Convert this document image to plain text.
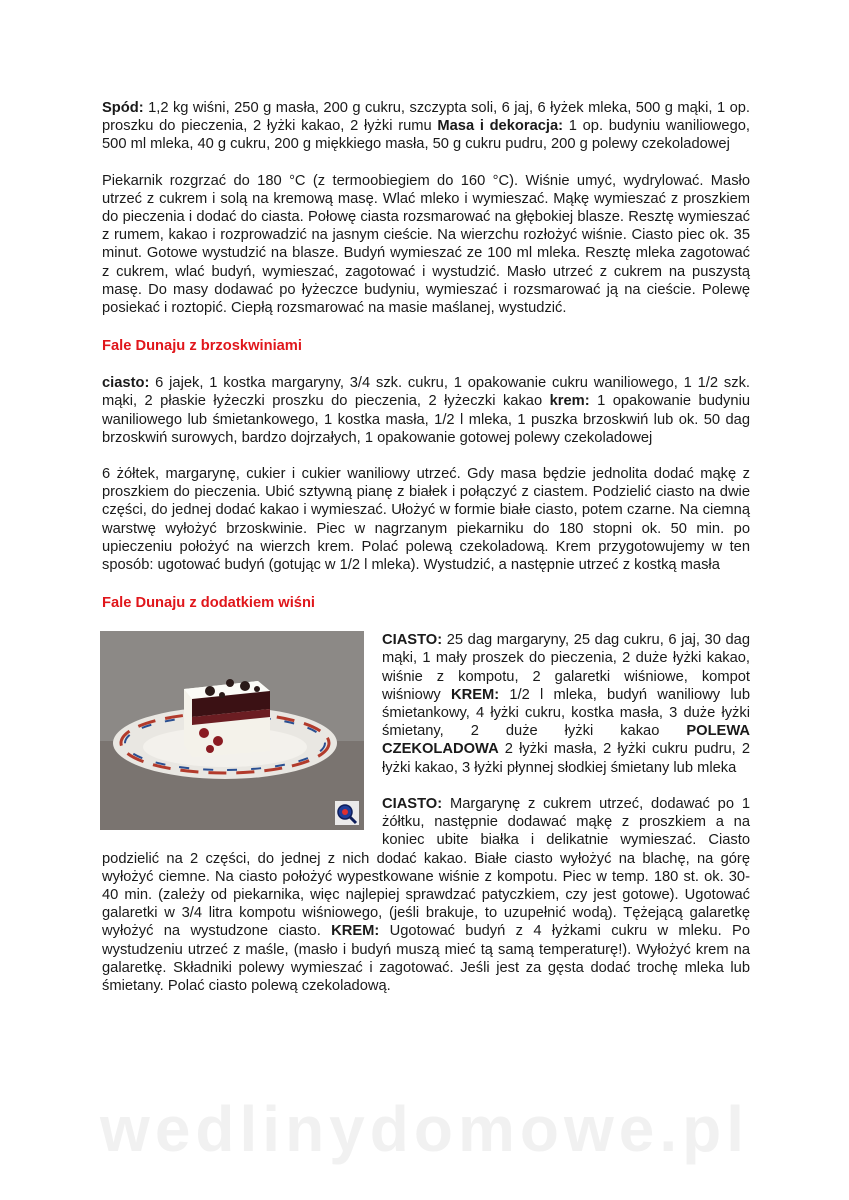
Spód: 1,2 kg wiśni, 250 g masła, 200 g cukru, szczypta soli, 6 jaj, 6 łyżek mleka, 500 g mąki, 1 op. proszku do pieczenia, 2 łyżki kakao, 2 łyżki rumu Masa i dekoracja: 1 op. budyniu waniliowego, 500 ml mleka, 40 g cukru, 200 g miękkiego masła, 50 g cukru pudru, 200 g polewy czekoladowej

Piekarnik rozgrzać do 180 °C (z termoobiegiem do 160 °C). Wiśnie umyć, wydrylować. Masło utrzeć z cukrem i solą na kremową masę. Wlać mleko i wymieszać. Mąkę wymieszać z proszkiem do pieczenia i dodać do ciasta. Połowę ciasta rozsmarować na głębokiej blasze. Resztę wymieszać z rumem, kakao i rozprowadzić na jasnym cieście. Na wierzchu rozłożyć wiśnie. Ciasto piec ok. 35 minut. Gotowe wystudzić na blasze. Budyń wymieszać ze 100 ml mleka. Resztę mleka zagotować z cukrem, wlać budyń, wymieszać, zagotować i wystudzić. Masło utrzeć z cukrem na puszystą masę. Do masy dodawać po łyżeczce budyniu, wymieszać i rozsmarować ją na cieście. Polewę posiekać i roztopić. Ciepłą rozsmarować na masie maślanej, wystudzić.

Fale Dunaju z brzoskwiniami

ciasto: 6 jajek, 1 kostka margaryny, 3/4 szk. cukru, 1 opakowanie cukru waniliowego, 1 1/2 szk. mąki, 2 płaskie łyżeczki proszku do pieczenia, 2 łyżeczki kakao krem: 1 opakowanie budyniu waniliowego lub śmietankowego, 1 kostka masła, 1/2 l mleka, 1 puszka brzoskwiń lub ok. 50 dag brzoskwiń surowych, bardzo dojrzałych, 1 opakowanie gotowej polewy czekoladowej

6 żółtek, margarynę, cukier i cukier waniliowy utrzeć. Gdy masa będzie jednolita dodać mąkę z proszkiem do pieczenia. Ubić sztywną pianę z białek i połączyć z ciastem. Podzielić ciasto na dwie części, do jednej dodać kakao i wymieszać. Ułożyć w formie białe ciasto, potem czarne. Na ciemną warstwę wyłożyć brzoskwinie. Piec w nagrzanym piekarniku do 180 stopni ok. 50 min. po upieczeniu położyć na wierzch krem. Polać polewą czekoladową. Krem przygotowujemy w ten sposób: ugotować budyń (gotując w 1/2 l mleka). Wystudzić, a następnie utrzeć z kostką masła

Fale Dunaju z dodatkiem wiśni

CIASTO: 25 dag margaryny, 25 dag cukru, 6 jaj, 30 dag mąki, 1 mały proszek do pieczenia, 2 duże łyżki kakao, wiśnie z kompotu, 2 galaretki wiśniowe, kompot wiśniowy KREM: 1/2 l mleka, budyń waniliowy lub śmietankowy, 4 łyżki cukru, kostka masła, 3 duże łyżki śmietany, 2 duże łyżki kakao POLEWA CZEKOLADOWA 2 łyżki masła, 2 łyżki cukru pudru, 2 łyżki kakao, 3 łyżki płynnej słodkiej śmietany lub mleka

CIASTO: Margarynę z cukrem utrzeć, dodawać po 1 żółtku, następnie dodawać mąkę z proszkiem a na koniec ubite białka i delikatnie wymieszać. Ciasto podzielić na 2 części, do jednej z nich dodać kakao. Białe ciasto wyłożyć na blachę, na górę wyłożyć ciemne. Na ciasto położyć wypestkowane wiśnie z kompotu. Piec w temp. 180 st. ok. 30-40 min. (zależy od piekarnika, więc najlepiej sprawdzać patyczkiem, czy jest gotowe). Ugotować galaretki w 3/4 litra kompotu wiśniowego, (jeśli brakuje, to uzupełnić wodą). Tężejącą galaretkę wyłożyć na wystudzone ciasto. KREM: Ugotować budyń z 4 łyżkami cukru w mleku. Po wystudzeniu utrzeć z maśle, (masło i budyń muszą mieć tą samą temperaturę!). Wyłożyć krem na galaretkę. Składniki polewy wymieszać i zagotować. Jeśli jest za gęsta dodać trochę mleka lub śmietany. Polać ciasto polewą czekoladową.

wedlinydomowe.pl
